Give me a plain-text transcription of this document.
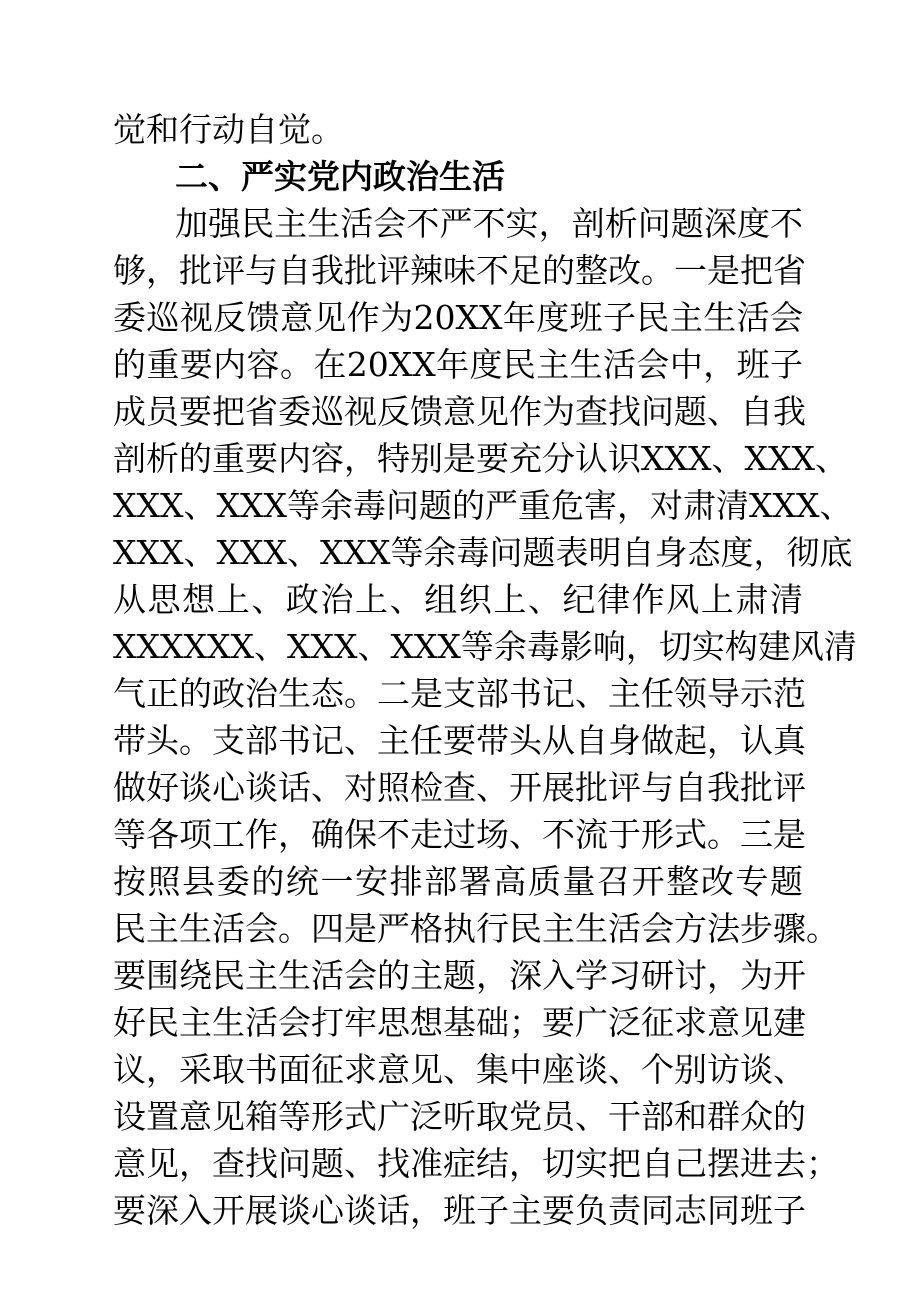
觉和行动自觉。
二、严实党内政治生活
加强民主生活会不严不实，剖析问题深度不
够，批评与自我批评辣味不足的整改。一是把省
委巡视反馈意见作为20XX年度班子民主生活会
的重要内容。在20XX年度民主生活会中，班子
成员要把省委巡视反馈意见作为查找问题、自我
剖析的重要内容，特别是要充分认识XXX、XXX、
XXX、XXX等余毒问题的严重危害，对肃清XXX、
XXX、XXX、XXX等余毒问题表明自身态度，彻底
从思想上、政治上、组织上、纪律作风上肃清
XXXXXX、XXX、XXX等余毒影响，切实构建风清
气正的政治生态。二是支部书记、主任领导示范
带头。支部书记、主任要带头从自身做起，认真
做好谈心谈话、对照检查、开展批评与自我批评
等各项工作，确保不走过场、不流于形式。三是
按照县委的统一安排部署高质量召开整改专题
民主生活会。四是严格执行民主生活会方法步骤。
要围绕民主生活会的主题，深入学习研讨，为开
好民主生活会打牢思想基础；要广泛征求意见建
议，采取书面征求意见、集中座谈、个别访谈、
设置意见箱等形式广泛听取党员、干部和群众的
意见，查找问题、找准症结，切实把自己摆进去；
要深入开展谈心谈话，班子主要负责同志同班子
